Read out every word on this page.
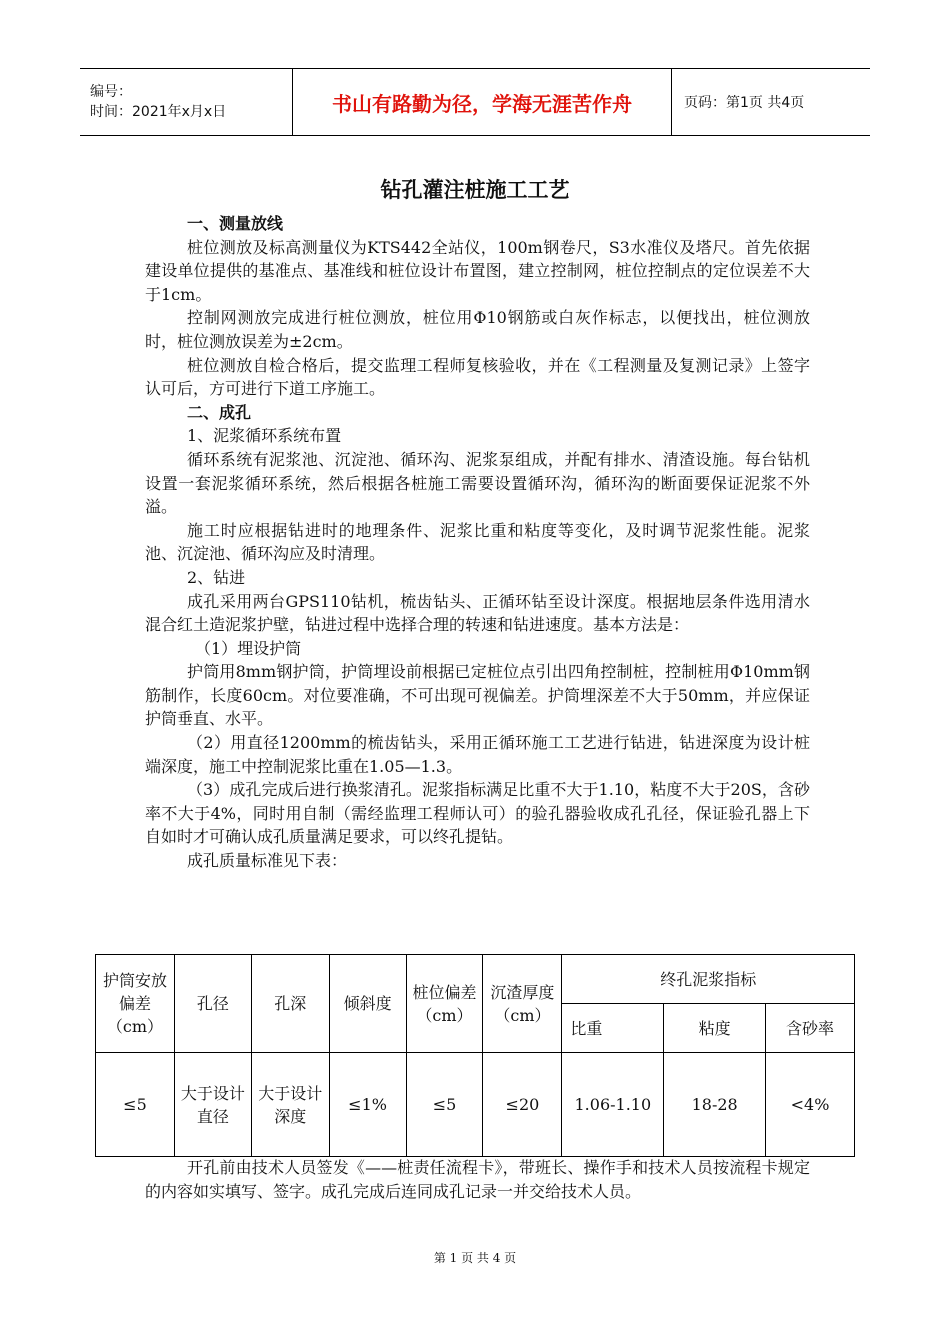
编号：
时间：2021年x月x日	书山有路勤为径，学海无涯苦作舟	页码：第1页 共4页
钻孔灌注桩施工工艺

一、测量放线

桩位测放及标高测量仪为KTS442全站仪，100m钢卷尺，S3水准仪及塔尺。首先依据建设单位提供的基准点、基准线和桩位设计布置图，建立控制网，桩位控制点的定位误差不大于1cm。

控制网测放完成进行桩位测放，桩位用Φ10钢筋或白灰作标志，以便找出，桩位测放时，桩位测放误差为±2cm。

桩位测放自检合格后，提交监理工程师复核验收，并在《工程测量及复测记录》上签字认可后，方可进行下道工序施工。

二、成孔

1、泥浆循环系统布置

循环系统有泥浆池、沉淀池、循环沟、泥浆泵组成，并配有排水、清渣设施。每台钻机设置一套泥浆循环系统，然后根据各桩施工需要设置循环沟，循环沟的断面要保证泥浆不外溢。

施工时应根据钻进时的地理条件、泥浆比重和粘度等变化，及时调节泥浆性能。泥浆池、沉淀池、循环沟应及时清理。

2、钻进

成孔采用两台GPS110钻机，梳齿钻头、正循环钻至设计深度。根据地层条件选用清水混合红土造泥浆护壁，钻进过程中选择合理的转速和钻进速度。基本方法是：

（1）埋设护筒

护筒用8mm钢护筒，护筒埋设前根据已定桩位点引出四角控制桩，控制桩用Φ10mm钢筋制作，长度60cm。对位要准确，不可出现可视偏差。护筒埋深差不大于50mm，并应保证护筒垂直、水平。

（2）用直径1200mm的梳齿钻头，采用正循环施工工艺进行钻进，钻进深度为设计桩端深度，施工中控制泥浆比重在1.05—1.3。

（3）成孔完成后进行换浆清孔。泥浆指标满足比重不大于1.10，粘度不大于20S，含砂率不大于4%，同时用自制（需经监理工程师认可）的验孔器验收成孔孔径，保证验孔器上下自如时才可确认成孔质量满足要求，可以终孔提钻。

成孔质量标准见下表：

护筒安放偏差（cm）	孔径	孔深	倾斜度	桩位偏差（cm）	沉渣厚度（cm）	终孔泥浆指标		
						比重	粘度	含砂率
≤5	大于设计直径	大于设计深度	≤1%	≤5	≤20	1.06-1.10	18-28	<4%

开孔前由技术人员签发《——桩责任流程卡》，带班长、操作手和技术人员按流程卡规定的内容如实填写、签字。成孔完成后连同成孔记录一并交给技术人员。

第 1 页 共 4 页
